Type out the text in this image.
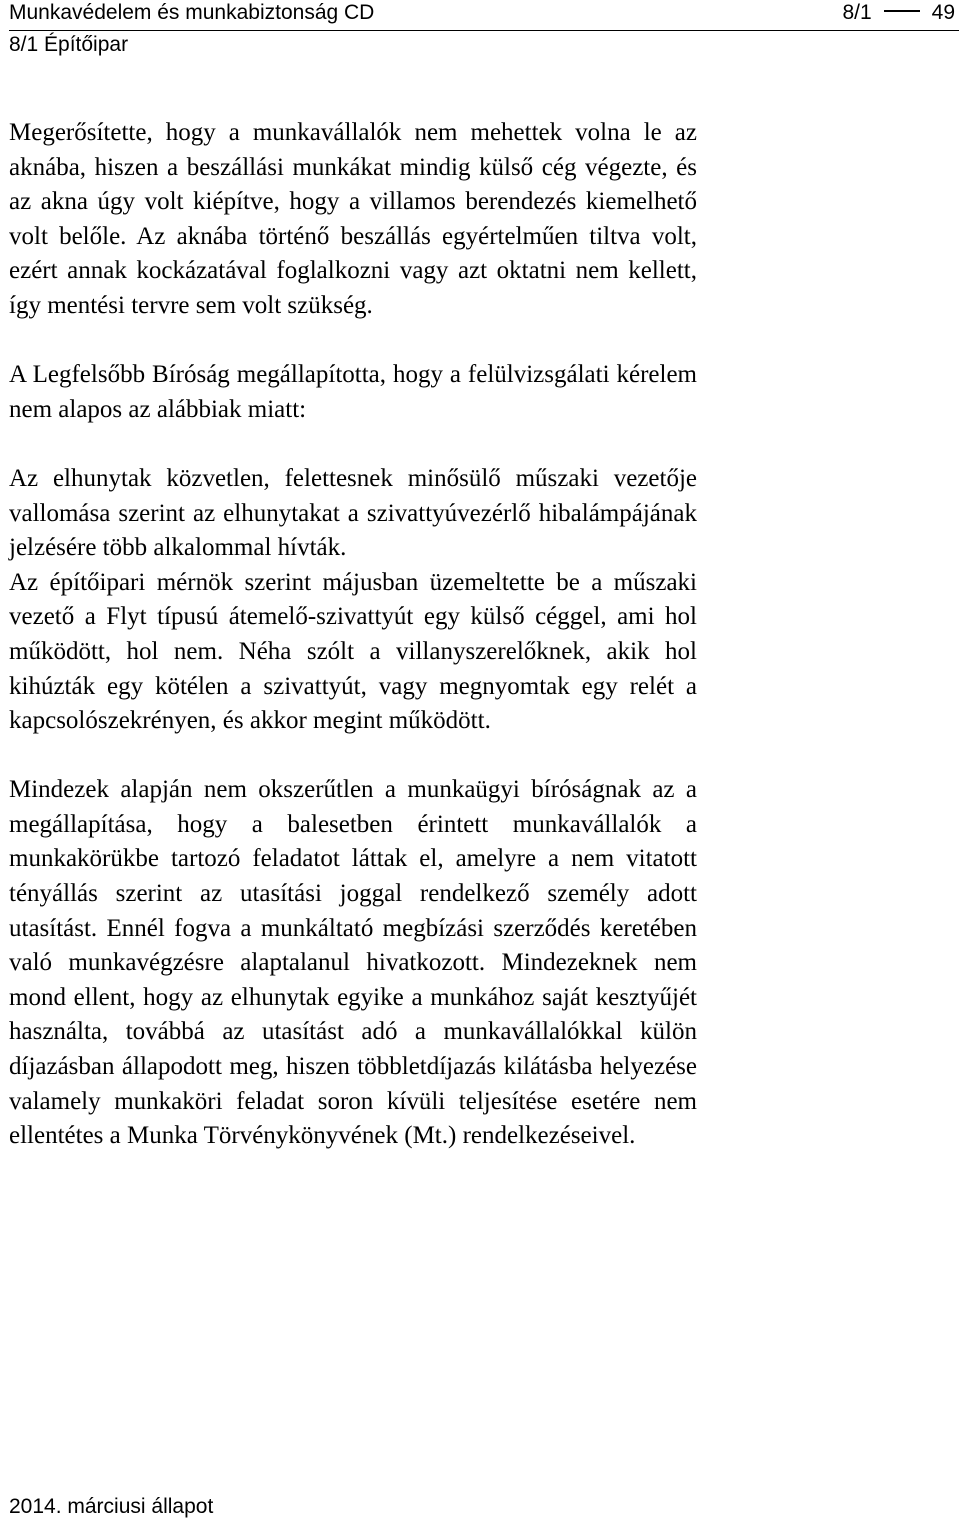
Munkavédelem és munkabiztonság CD	8/1	49
8/1 Építőipar

Megerősítette, hogy a munkavállalók nem mehettek volna le az aknába, hiszen a beszállási munkákat mindig külső cég végezte, és az akna úgy volt kiépítve, hogy a villamos berendezés kiemelhető volt belőle. Az aknába történő beszállás egyértelműen tiltva volt, ezért annak kockázatával foglalkozni vagy azt oktatni nem kellett, így mentési tervre sem volt szükség.

A Legfelsőbb Bíróság megállapította, hogy a felülvizsgálati kérelem nem alapos az alábbiak miatt:

Az elhunytak közvetlen, felettesnek minősülő műszaki vezetője vallomása szerint az elhunytakat a szivattyúvezérlő hibalámpájának jelzésére több alkalommal hívták.

Az építőipari mérnök szerint májusban üzemeltette be a műszaki vezető a Flyt típusú átemelő-szivattyút egy külső céggel, ami hol működött, hol nem. Néha szólt a villanyszerelőknek, akik hol kihúzták egy kötélen a szivattyút, vagy megnyomtak egy relét a kapcsolószekrényen, és akkor megint működött.

Mindezek alapján nem okszerűtlen a munkaügyi bíróságnak az a megállapítása, hogy a balesetben érintett munkavállalók a munkakörükbe tartozó feladatot láttak el, amelyre a nem vitatott tényállás szerint az utasítási joggal rendelkező személy adott utasítást. Ennél fogva a munkáltató megbízási szerződés keretében való munkavégzésre alaptalanul hivatkozott. Mindezeknek nem mond ellent, hogy az elhunytak egyike a munkához saját kesztyűjét használta, továbbá az utasítást adó a munkavállalókkal külön díjazásban állapodott meg, hiszen többletdíjazás kilátásba helyezése valamely munkaköri feladat soron kívüli teljesítése esetére nem ellentétes a Munka Törvénykönyvének (Mt.) rendelkezéseivel.

2014. márciusi állapot
